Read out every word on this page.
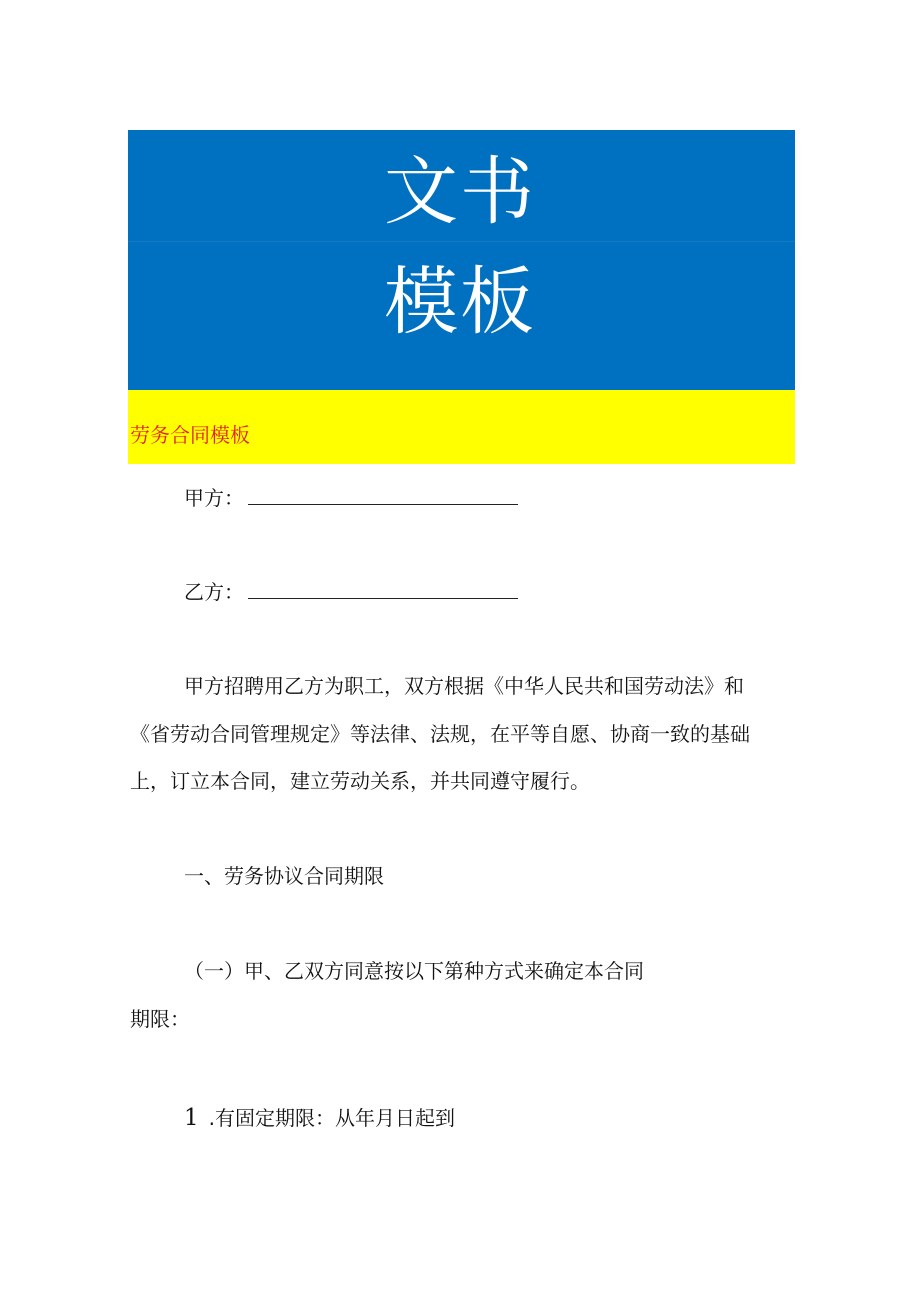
文书
模板
劳务合同模板
甲方：
乙方：
甲方招聘用乙方为职工，双方根据《中华人民共和国劳动法》和
《省劳动合同管理规定》等法律、法规，在平等自愿、协商一致的基础
上，订立本合同，建立劳动关系，并共同遵守履行。
一、劳务协议合同期限
（一）甲、乙双方同意按以下第种方式来确定本合同
期限：
1 .有固定期限：从年月日起到
